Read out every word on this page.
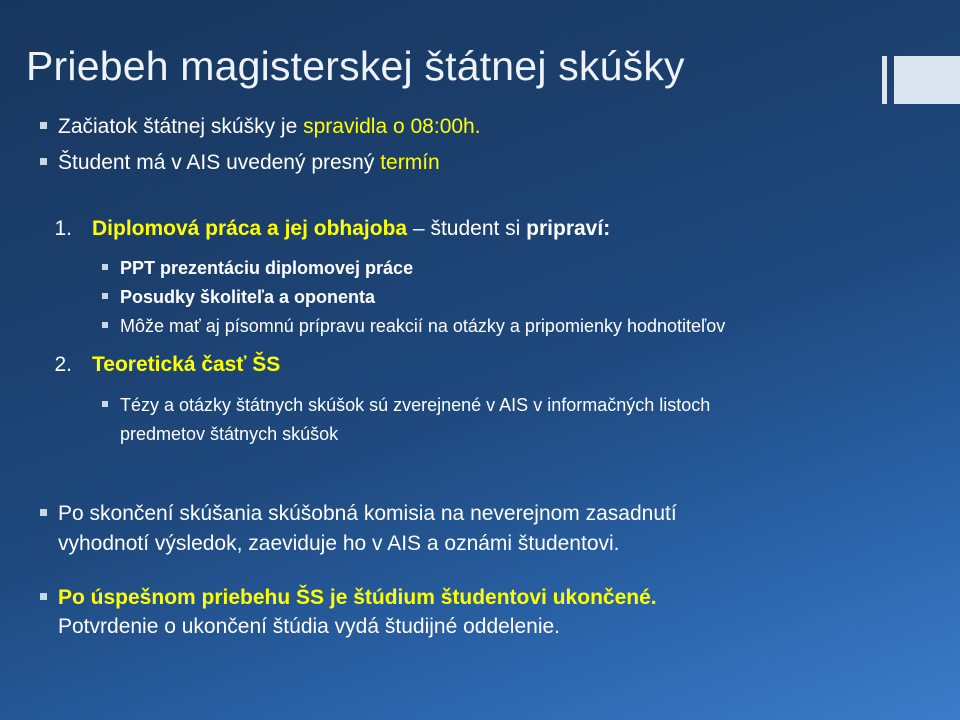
Priebeh magisterskej štátnej skúšky
Začiatok štátnej skúšky je spravidla o 08:00h.
Študent má v AIS uvedený presný termín
1. Diplomová práca a jej obhajoba – študent si pripraví:
PPT prezentáciu diplomovej práce
Posudky školiteľa a oponenta
Môže mať aj písomnú prípravu reakcií na otázky a pripomienky hodnotiteľov
2. Teoretická časť ŠS
Tézy a otázky štátnych skúšok sú zverejnené v AIS v informačných listoch
predmetov štátnych skúšok
Po skončení skúšania skúšobná komisia na neverejnom zasadnutí
vyhodnotí výsledok, zaeviduje ho v AIS a oznámi študentovi.
Po úspešnom priebehu ŠS je štúdium študentovi ukončené.
Potvrdenie o ukončení štúdia vydá študijné oddelenie.
